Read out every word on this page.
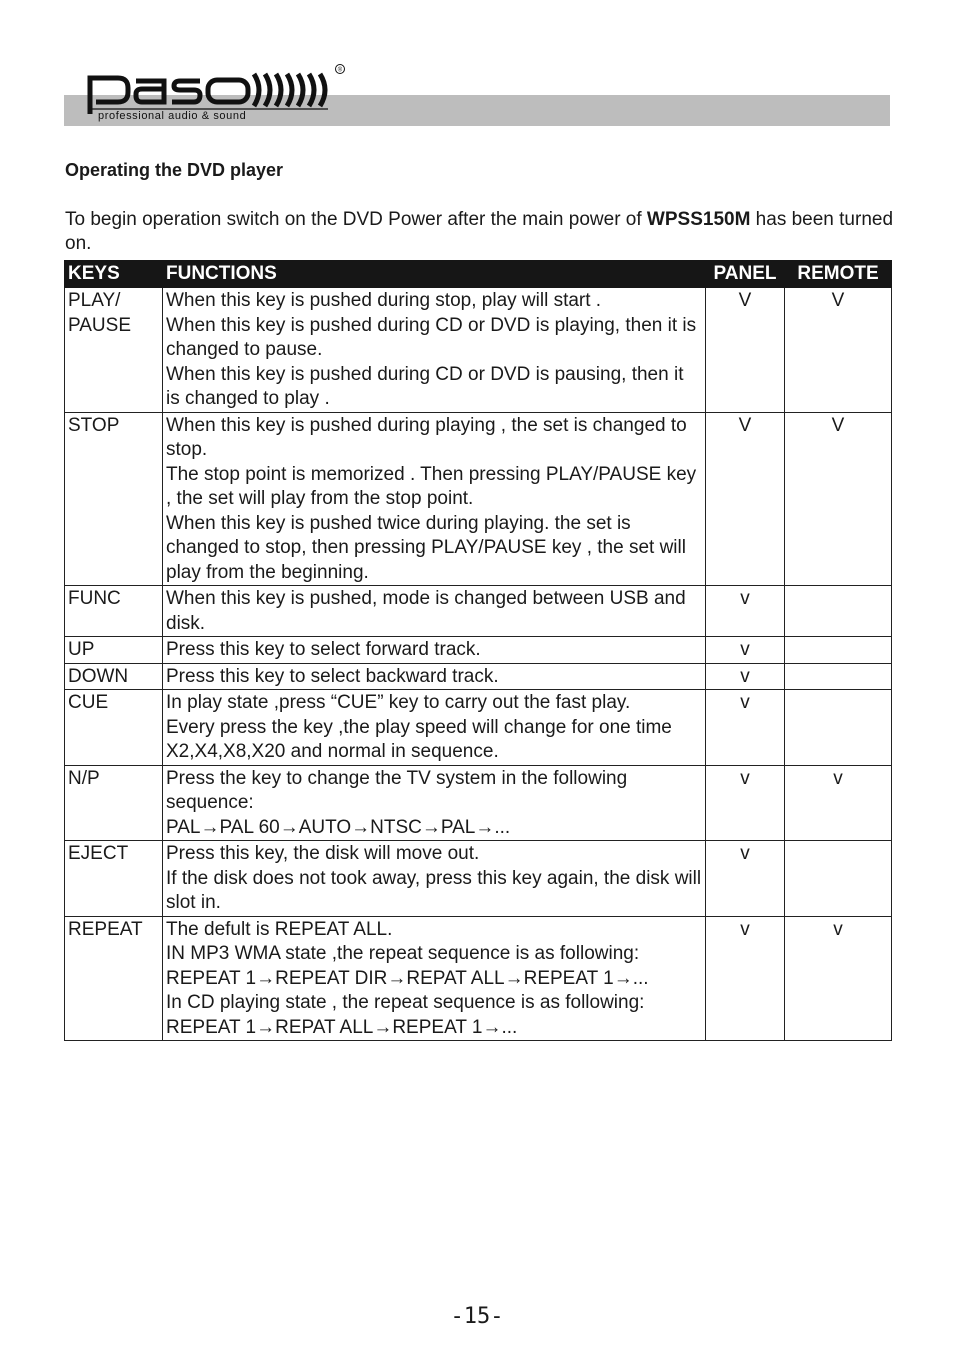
®
professional audio & sound
Operating the DVD player
To begin operation switch on the DVD Power after the main power of WPSS150M has been turned on.
KEYS	FUNCTIONS	PANEL	REMOTE
PLAY/
PAUSE	When this key is pushed during stop, play will start .
When this key is pushed during CD or DVD is playing, then it is changed to pause.
When this key is pushed during CD or DVD is pausing, then it is changed to play .	V	V
STOP	When this key is pushed during playing , the set is changed to stop.
The stop point is memorized . Then pressing PLAY/PAUSE key , the set will play from the stop point.
When this key is pushed twice during playing. the set is changed to stop, then pressing PLAY/PAUSE key , the set will play from the beginning.	V	V
FUNC	When this key is pushed, mode is changed between USB and disk.	v	
UP	Press this key to select forward track.	v	
DOWN	Press this key to select backward track.	v	
CUE	In play state ,press “CUE” key to carry out the fast play.
Every press the key ,the play speed will change for one time X2,X4,X8,X20 and normal in sequence.	v	
N/P	Press the key to change the TV system in the following sequence:
PAL→PAL 60→AUTO→NTSC→PAL→...	v	v
EJECT	Press this key, the disk will move out.
If the disk does not took away, press this key again, the disk will slot in.	v	
REPEAT	The defult is REPEAT ALL.
IN MP3 WMA state ,the repeat sequence is as following:
REPEAT 1→REPEAT DIR→REPAT ALL→REPEAT 1→...
In CD playing state , the repeat sequence is as following:
REPEAT 1→REPAT ALL→REPEAT 1→...	v	v
-15-
